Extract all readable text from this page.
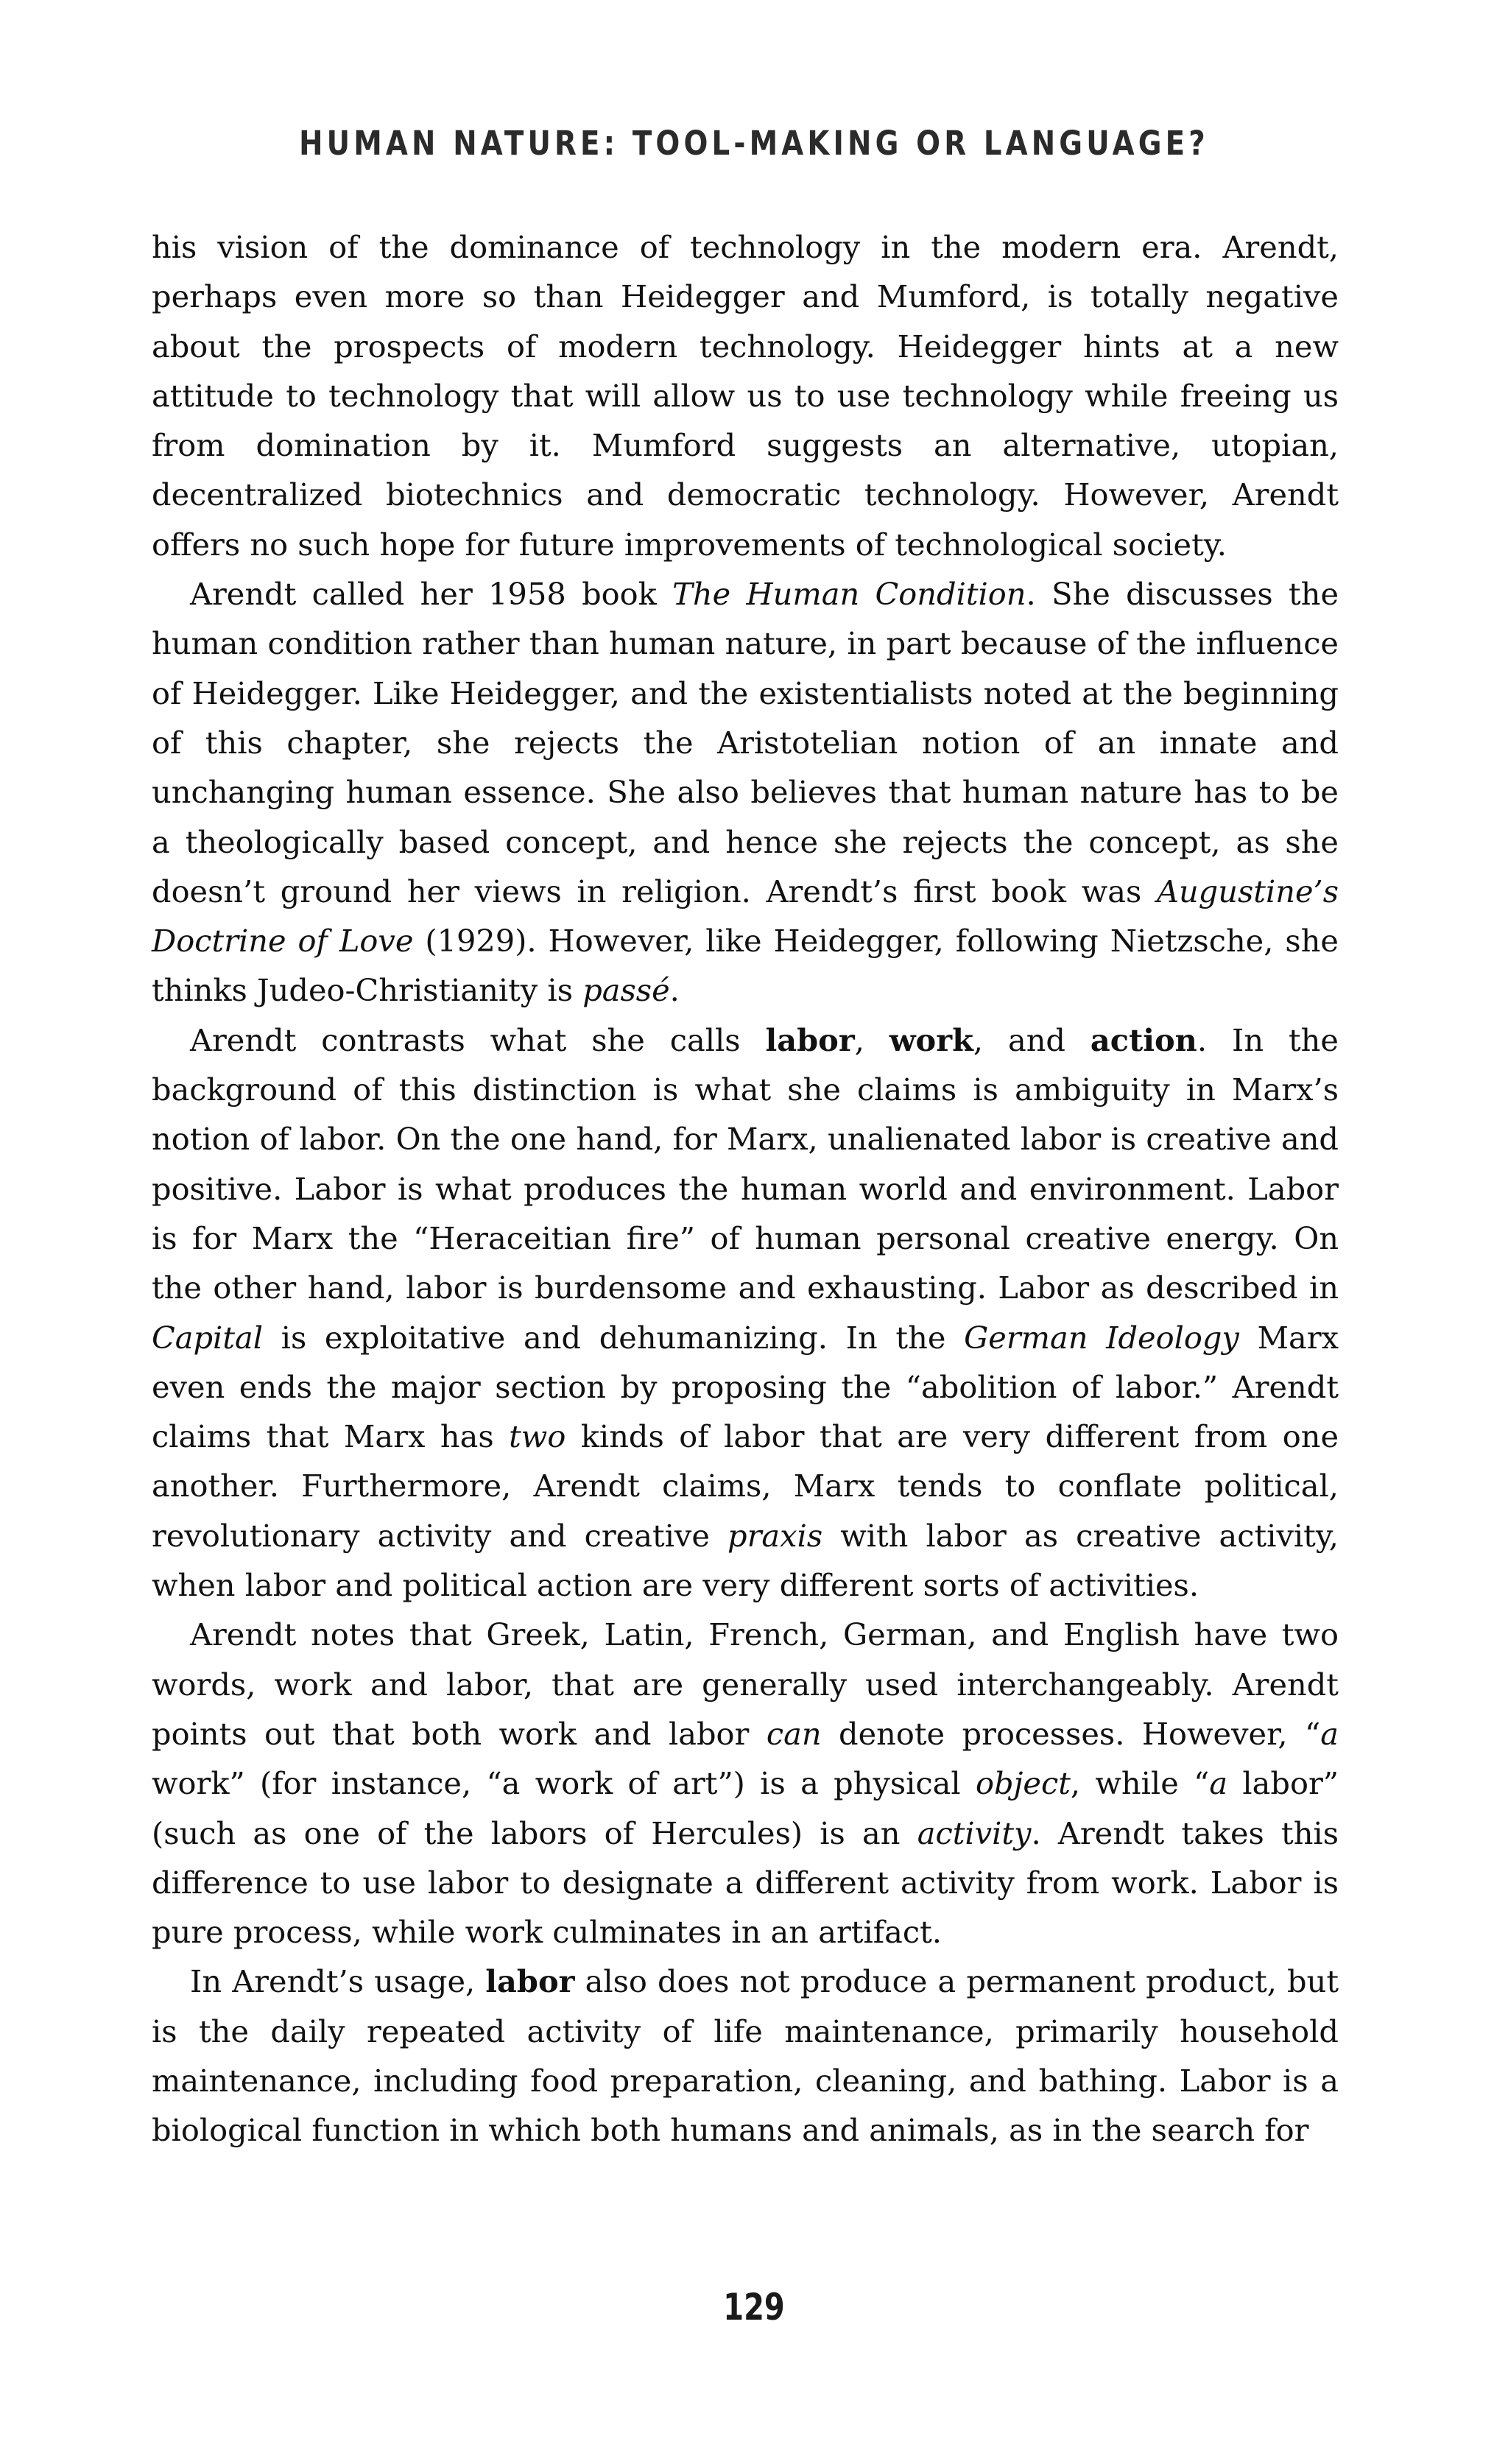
HUMAN NATURE: TOOL-MAKING OR LANGUAGE?

his vision of the dominance of technology in the modern era. Arendt, perhaps even more so than Heidegger and Mumford, is totally negative about the prospects of modern technology. Heidegger hints at a new attitude to technology that will allow us to use technology while freeing us from domination by it. Mumford suggests an alternative, utopian, decentralized biotechnics and democratic technology. However, Arendt offers no such hope for future improvements of technological society.

Arendt called her 1958 book The Human Condition. She discusses the human condition rather than human nature, in part because of the influence of Heidegger. Like Heidegger, and the existentialists noted at the beginning of this chapter, she rejects the Aristotelian notion of an innate and unchanging human essence. She also believes that human nature has to be a theologically based concept, and hence she rejects the concept, as she doesn’t ground her views in religion. Arendt’s first book was Augustine’s Doctrine of Love (1929). However, like Heidegger, following Nietzsche, she thinks Judeo-Christianity is passé.

Arendt contrasts what she calls labor, work, and action. In the background of this distinction is what she claims is ambiguity in Marx’s notion of labor. On the one hand, for Marx, unalienated labor is creative and positive. Labor is what produces the human world and environment. Labor is for Marx the “Heraceitian fire” of human personal creative energy. On the other hand, labor is burdensome and exhausting. Labor as described in Capital is exploitative and dehumanizing. In the German Ideology Marx even ends the major section by proposing the “abolition of labor.” Arendt claims that Marx has two kinds of labor that are very different from one another. Furthermore, Arendt claims, Marx tends to conflate political, revolutionary activity and creative praxis with labor as creative activity, when labor and political action are very different sorts of activities.

Arendt notes that Greek, Latin, French, German, and English have two words, work and labor, that are generally used interchangeably. Arendt points out that both work and labor can denote processes. However, “a work” (for instance, “a work of art”) is a physical object, while “a labor” (such as one of the labors of Hercules) is an activity. Arendt takes this difference to use labor to designate a different activity from work. Labor is pure process, while work culminates in an artifact.

In Arendt’s usage, labor also does not produce a permanent product, but is the daily repeated activity of life maintenance, primarily household maintenance, including food preparation, cleaning, and bathing. Labor is a biological function in which both humans and animals, as in the search for

129
